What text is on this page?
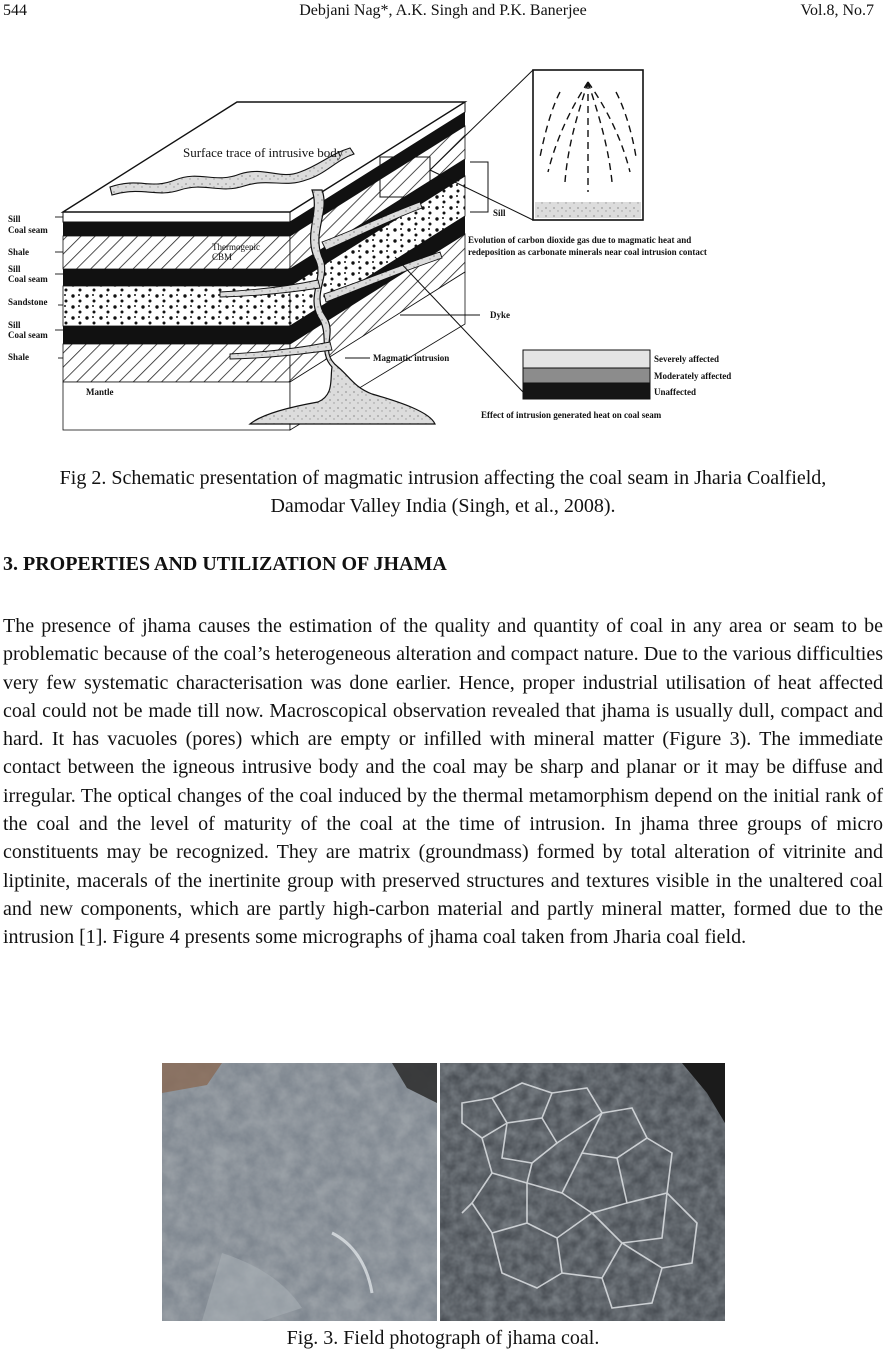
Debjani Nag*, A.K. Singh and P.K. Banerjee
544	Vol.8, No.7
Surface trace of intrusive body
Sill
Coal seam
Shale
Sill
Coal seam
Sandstone
Sill
Coal seam
Shale
Mantle
Thermogenic
CBM
Sill
Evolution of carbon dioxide gas due to magmatic heat and
redeposition as carbonate minerals near coal intrusion contact
Dyke
Magmatic intrusion	Severely affected
Moderately affected
Unaffected
Effect of intrusion generated heat on coal seam
Fig 2. Schematic presentation of magmatic intrusion affecting the coal seam in Jharia Coalfield,
Damodar Valley India (Singh, et al., 2008).
3. PROPERTIES AND UTILIZATION OF JHAMA
The presence of jhama causes the estimation of the quality and quantity of coal in any area or seam to be problematic because of the coal’s heterogeneous alteration and compact nature. Due to the various difficulties very few systematic characterisation was done earlier. Hence, proper industrial utilisation of heat affected coal could not be made till now. Macroscopical observation revealed that jhama is usually dull, compact and hard. It has vacuoles (pores) which are empty or infilled with mineral matter (Figure 3). The immediate contact between the igneous intrusive body and the coal may be sharp and planar or it may be diffuse and irregular. The optical changes of the coal induced by the thermal metamorphism depend on the initial rank of the coal and the level of maturity of the coal at the time of intrusion. In jhama three groups of micro constituents may be recognized. They are matrix (groundmass) formed by total alteration of vitrinite and liptinite, macerals of the inertinite group with preserved structures and textures visible in the unaltered coal and new components, which are partly high-carbon material and partly mineral matter, formed due to the intrusion [1]. Figure 4 presents some micrographs of jhama coal taken from Jharia coal field.
Fig. 3. Field photograph of jhama coal.
